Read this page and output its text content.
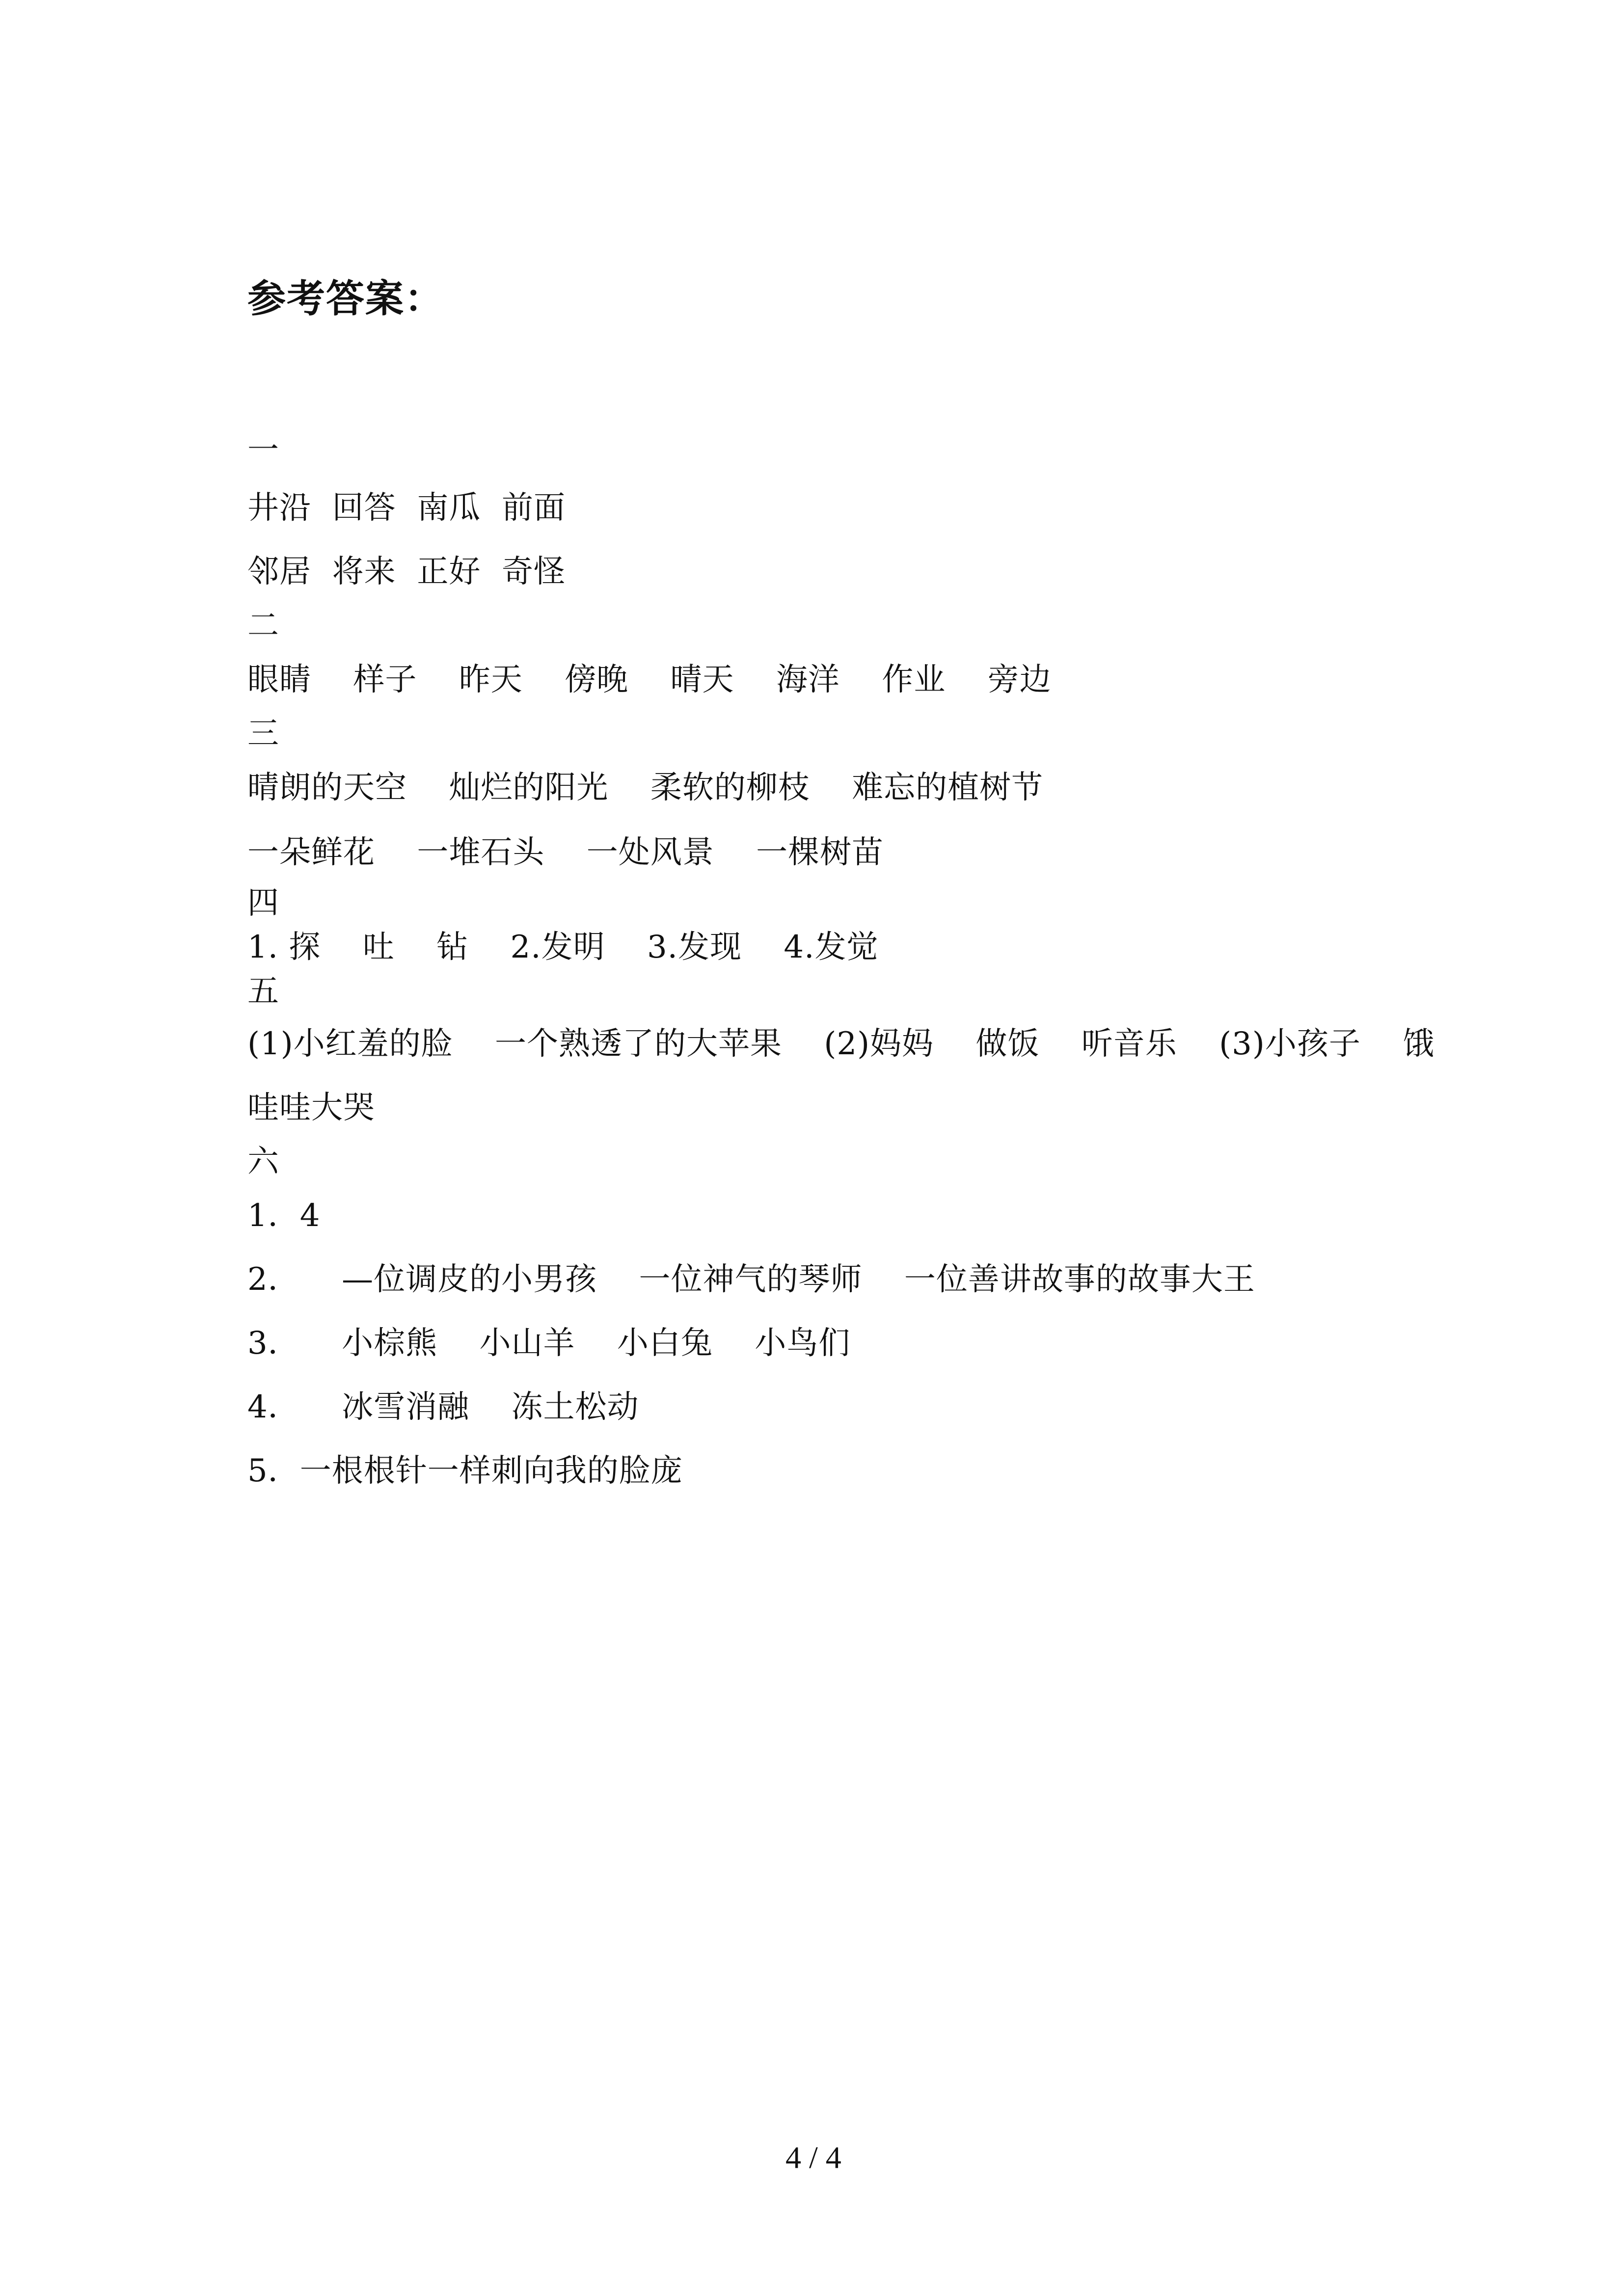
参考答案：
一
井沿  回答  南瓜  前面
邻居  将来  正好  奇怪
二
眼睛    样子    昨天    傍晚    晴天    海洋    作业    旁边
三
晴朗的天空    灿烂的阳光    柔软的柳枝    难忘的植树节
一朵鲜花    一堆石头    一处风景    一棵树苗
四
1. 探    吐    钻    2.发明    3.发现    4.发觉
五
(1)小红羞的脸    一个熟透了的大苹果    (2)妈妈    做饭    听音乐    (3)小孩子    饿
哇哇大哭
六
1．4
2．    —位调皮的小男孩    一位神气的琴师    一位善讲故事的故事大王
3．    小棕熊    小山羊    小白兔    小鸟们
4．    冰雪消融    冻土松动
5．一根根针一样刺向我的脸庞
4 / 4
